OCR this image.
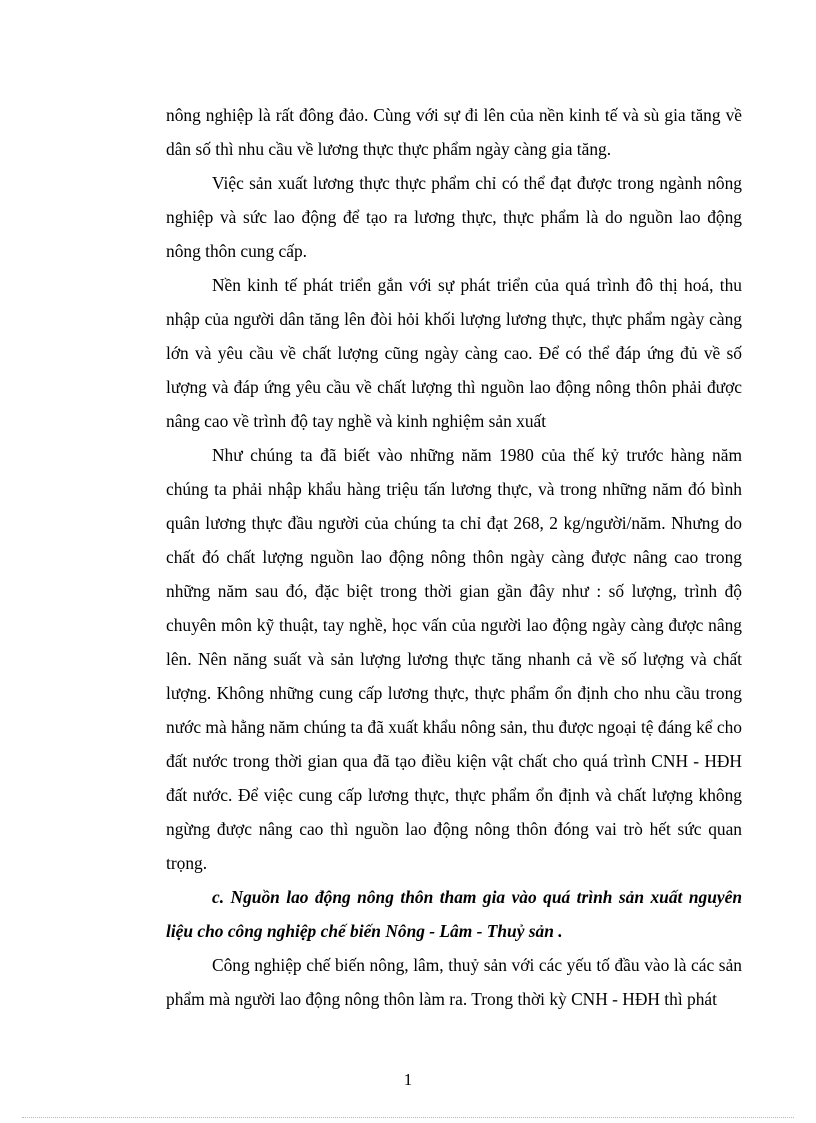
nông nghiệp là rất đông đảo. Cùng với sự đi lên của nền kinh tế và sù gia tăng về dân số thì nhu cầu về lương thực thực phẩm ngày càng gia tăng.

Việc sản xuất lương thực thực phẩm chỉ có thể đạt được trong ngành nông nghiệp và sức lao động để tạo ra lương thực, thực phẩm là do nguồn lao động nông thôn cung cấp.

Nền kinh tế phát triển gắn với sự phát triển của quá trình đô thị hoá, thu nhập của người dân tăng lên đòi hỏi khối lượng lương thực, thực phẩm ngày càng lớn và yêu cầu về chất lượng cũng ngày càng cao. Để có thể đáp ứng đủ về số lượng và đáp ứng yêu cầu về chất lượng thì nguồn lao động nông thôn phải được nâng cao về trình độ tay nghề và kinh nghiệm sản xuất

Như chúng ta đã biết vào những năm 1980 của thế kỷ trước hàng năm chúng ta phải nhập khẩu hàng triệu tấn lương thực, và trong những năm đó bình quân lương thực đầu người của chúng ta chỉ đạt 268, 2 kg/người/năm. Nhưng do chất đó chất lượng nguồn lao động nông thôn ngày càng được nâng cao trong những năm sau đó, đặc biệt trong thời gian gần đây như : số lượng, trình độ chuyên môn kỹ thuật, tay nghề, học vấn của người lao động ngày càng được nâng lên. Nên năng suất và sản lượng lương thực tăng nhanh cả về số lượng và chất lượng. Không những cung cấp lương thực, thực phẩm ổn định cho nhu cầu trong nước mà hằng năm chúng ta đã xuất khẩu nông sản, thu được ngoại tệ đáng kể cho đất nước trong thời gian qua đã tạo điều kiện vật chất cho quá trình CNH - HĐH đất nước. Để việc cung cấp lương thực, thực phẩm ổn định và chất lượng không ngừng được nâng cao thì nguồn lao động nông thôn đóng vai trò hết sức quan trọng.

c. Nguồn lao động nông thôn tham gia vào quá trình sản xuất nguyên liệu cho công nghiệp chế biến Nông - Lâm - Thuỷ sản .

Công nghiệp chế biến nông, lâm, thuỷ sản với các yếu tố đầu vào là các sản phẩm mà người lao động nông thôn làm ra. Trong thời kỳ CNH - HĐH thì phát

1
